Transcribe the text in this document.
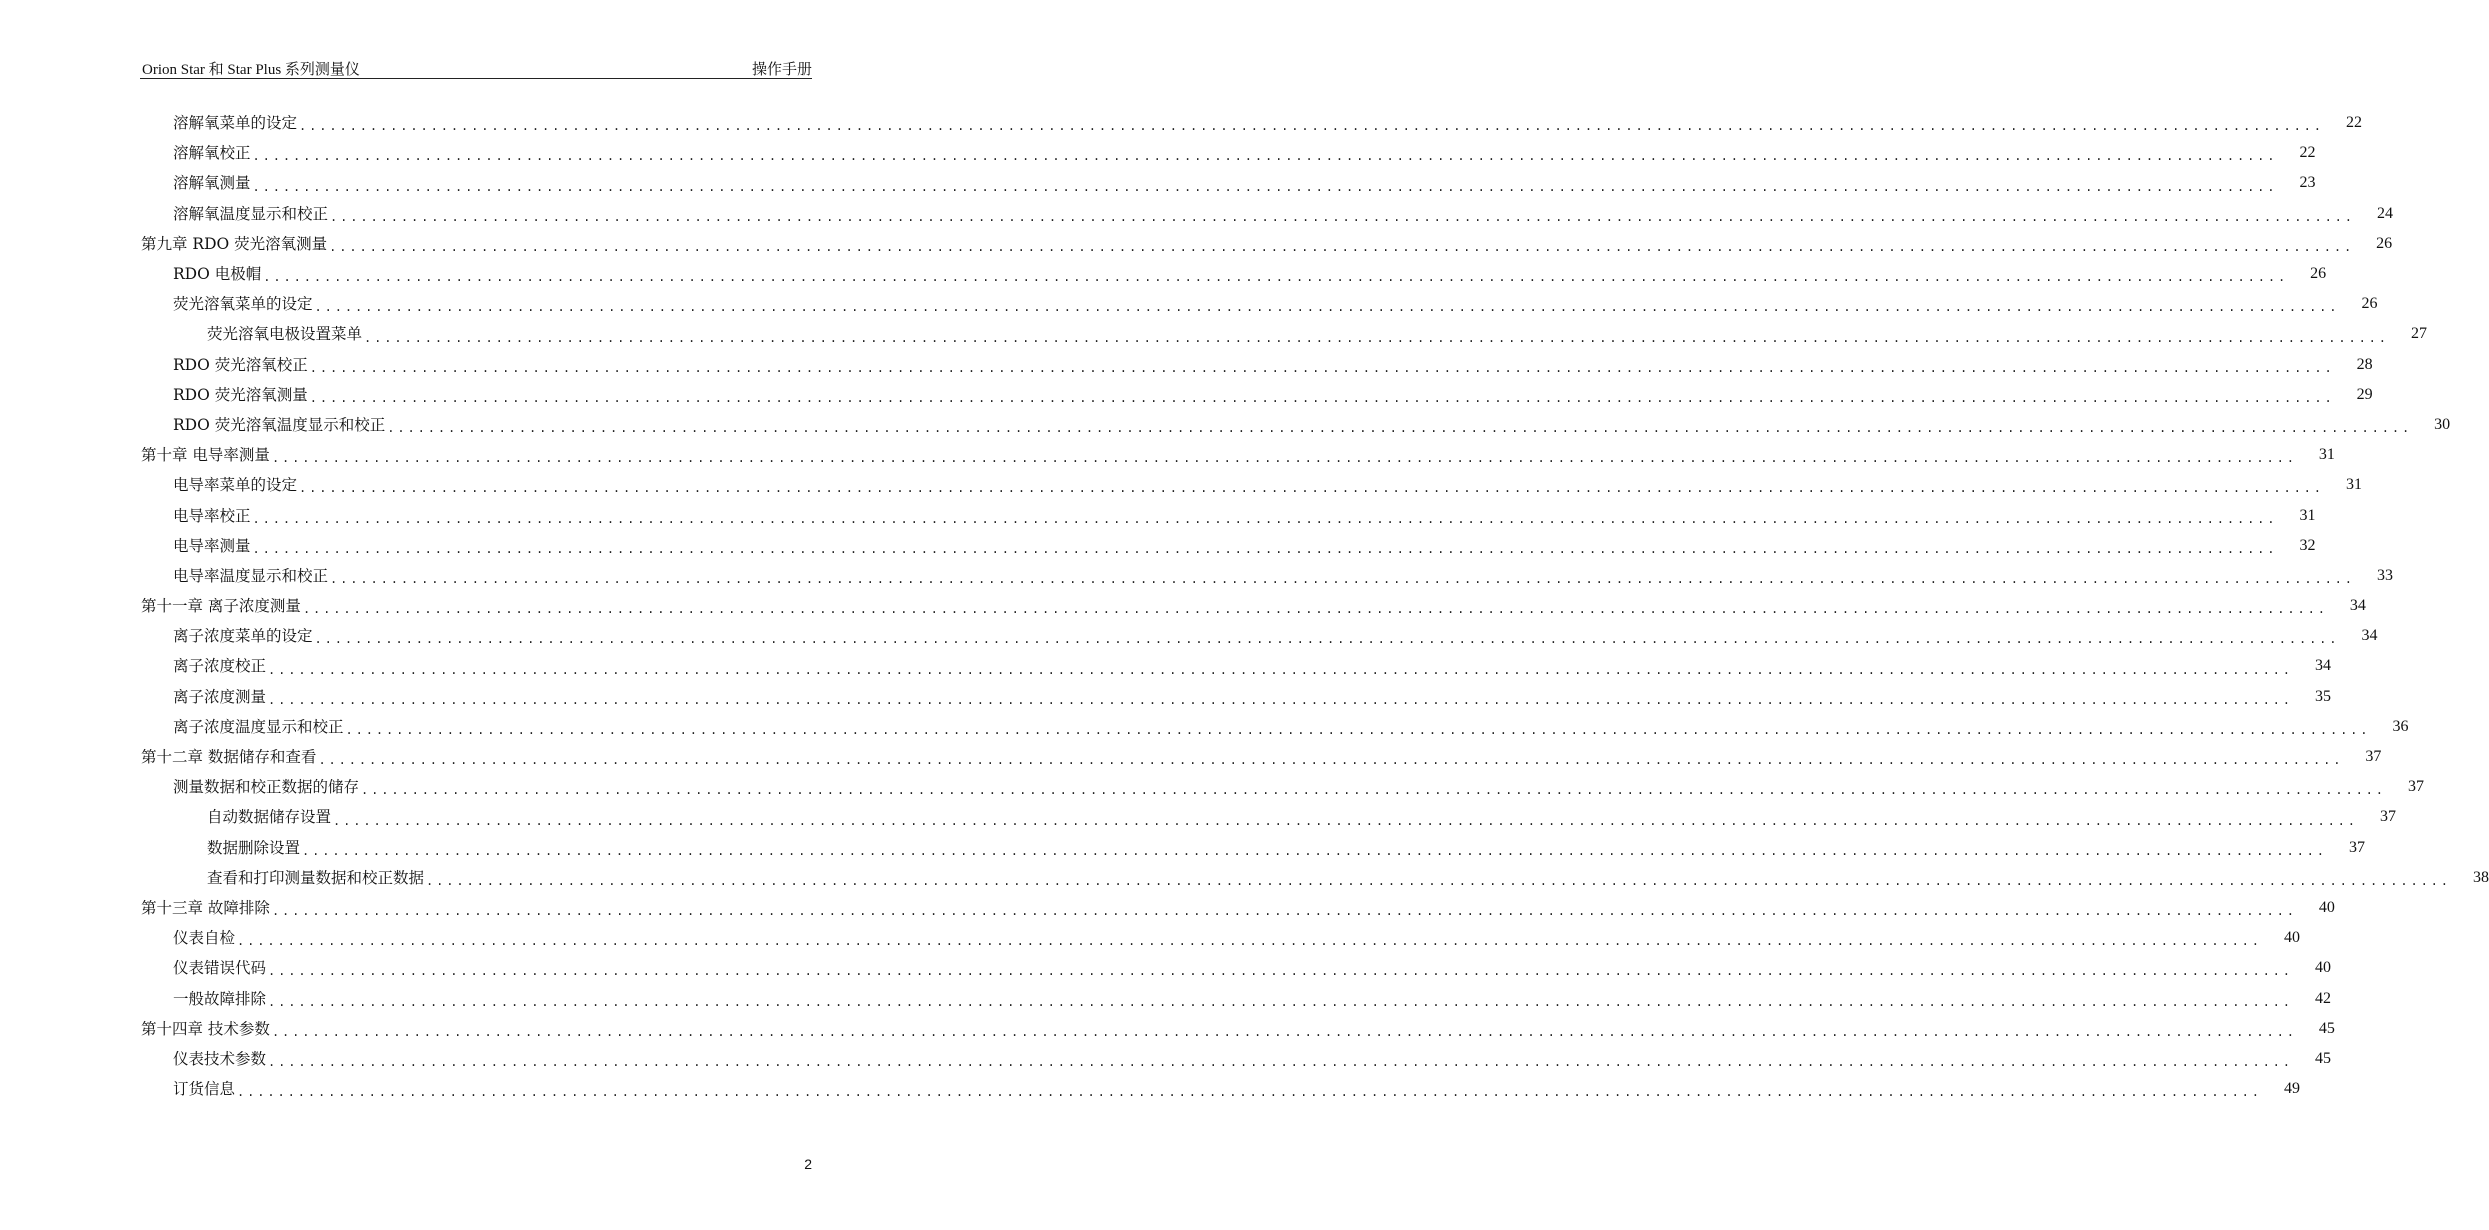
Orion Star 和 Star Plus 系列测量仪	操作手册
溶解氧菜单的设定 ........................................................................................................................................................................................................	22
溶解氧校正 ........................................................................................................................................................................................................	22
溶解氧测量 ........................................................................................................................................................................................................	23
溶解氧温度显示和校正 ........................................................................................................................................................................................................	24
第九章 RDO 荧光溶氧测量 ........................................................................................................................................................................................................	26
RDO 电极帽 ........................................................................................................................................................................................................	26
荧光溶氧菜单的设定 ........................................................................................................................................................................................................	26
荧光溶氧电极设置菜单 ........................................................................................................................................................................................................	27
RDO 荧光溶氧校正 ........................................................................................................................................................................................................	28
RDO 荧光溶氧测量 ........................................................................................................................................................................................................	29
RDO 荧光溶氧温度显示和校正 ........................................................................................................................................................................................................	30
第十章 电导率测量 ........................................................................................................................................................................................................	31
电导率菜单的设定 ........................................................................................................................................................................................................	31
电导率校正 ........................................................................................................................................................................................................	31
电导率测量 ........................................................................................................................................................................................................	32
电导率温度显示和校正 ........................................................................................................................................................................................................	33
第十一章 离子浓度测量 ........................................................................................................................................................................................................	34
离子浓度菜单的设定 ........................................................................................................................................................................................................	34
离子浓度校正 ........................................................................................................................................................................................................	34
离子浓度测量 ........................................................................................................................................................................................................	35
离子浓度温度显示和校正 ........................................................................................................................................................................................................	36
第十二章 数据储存和查看 ........................................................................................................................................................................................................	37
测量数据和校正数据的储存 ........................................................................................................................................................................................................	37
自动数据储存设置 ........................................................................................................................................................................................................	37
数据删除设置 ........................................................................................................................................................................................................	37
查看和打印测量数据和校正数据 ........................................................................................................................................................................................................	38
第十三章 故障排除 ........................................................................................................................................................................................................	40
仪表自检 ........................................................................................................................................................................................................	40
仪表错误代码 ........................................................................................................................................................................................................	40
一般故障排除 ........................................................................................................................................................................................................	42
第十四章 技术参数 ........................................................................................................................................................................................................	45
仪表技术参数 ........................................................................................................................................................................................................	45
订货信息 ........................................................................................................................................................................................................	49
2
